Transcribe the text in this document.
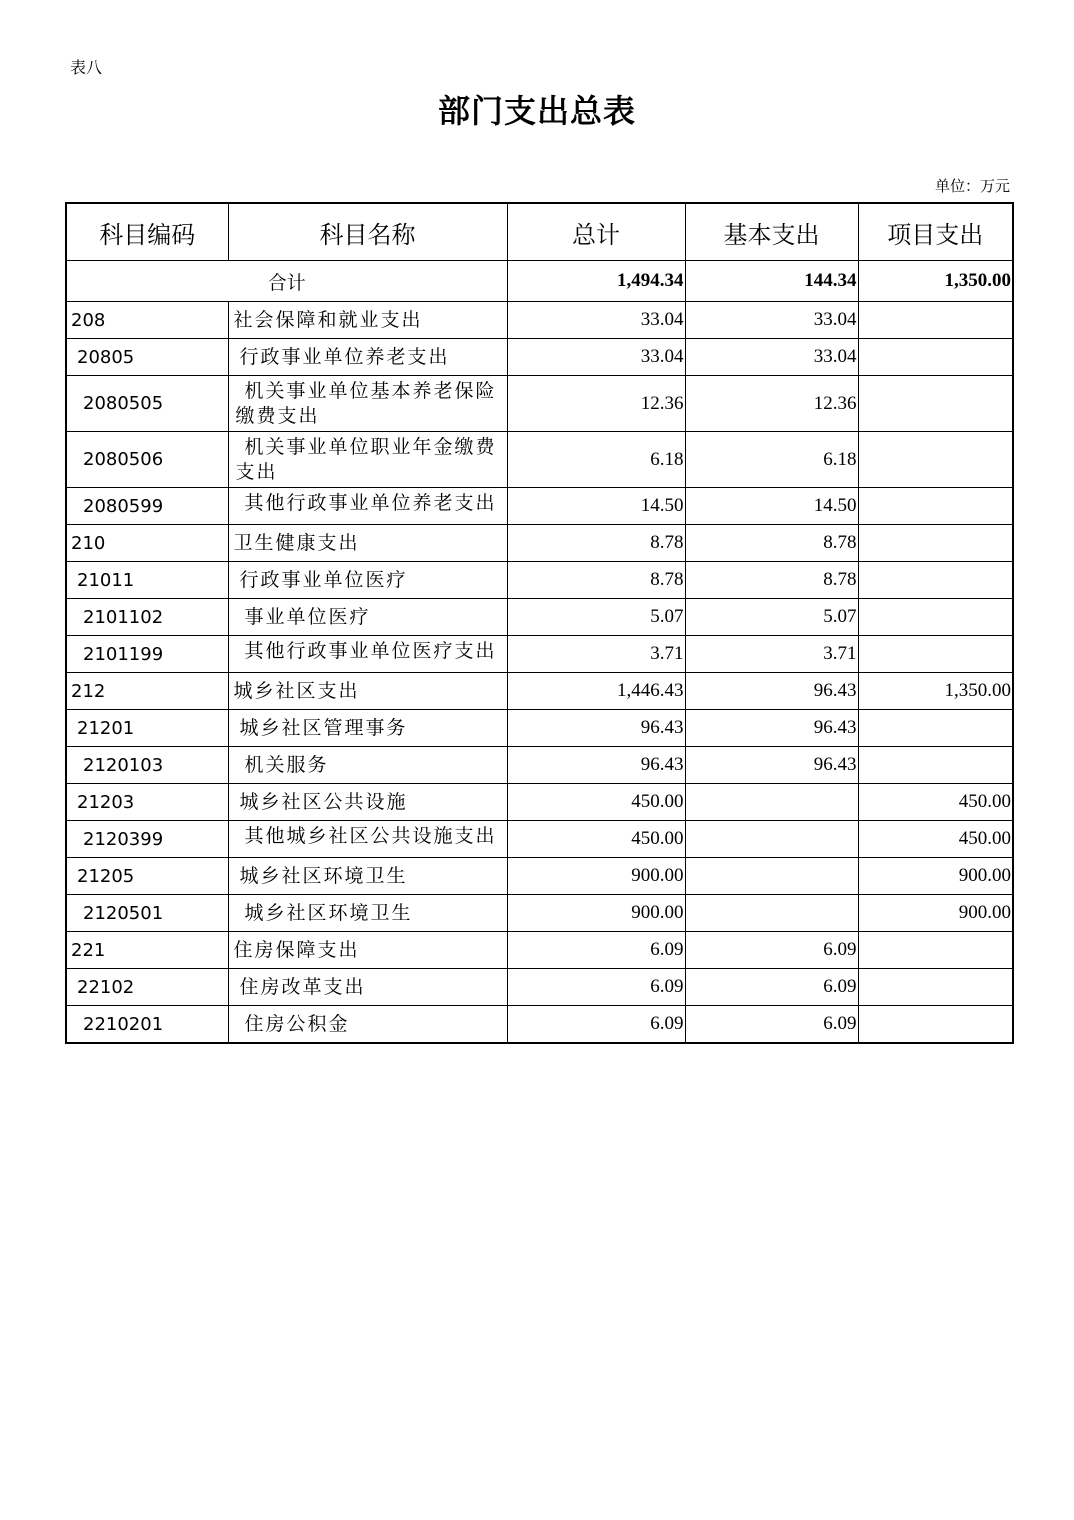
表八
部门支出总表
单位：万元
科目编码	科目名称	总计	基本支出	项目支出
合计		1,494.34	144.34	1,350.00
208	社会保障和就业支出	33.04	33.04	
20805	行政事业单位养老支出	33.04	33.04	
2080505	机关事业单位基本养老保险缴费支出	12.36	12.36	
2080506	机关事业单位职业年金缴费支出	6.18	6.18	
2080599	其他行政事业单位养老支出	14.50	14.50	
210	卫生健康支出	8.78	8.78	
21011	行政事业单位医疗	8.78	8.78	
2101102	事业单位医疗	5.07	5.07	
2101199	其他行政事业单位医疗支出	3.71	3.71	
212	城乡社区支出	1,446.43	96.43	1,350.00
21201	城乡社区管理事务	96.43	96.43	
2120103	机关服务	96.43	96.43	
21203	城乡社区公共设施	450.00		450.00
2120399	其他城乡社区公共设施支出	450.00		450.00
21205	城乡社区环境卫生	900.00		900.00
2120501	城乡社区环境卫生	900.00		900.00
221	住房保障支出	6.09	6.09	
22102	住房改革支出	6.09	6.09	
2210201	住房公积金	6.09	6.09	
